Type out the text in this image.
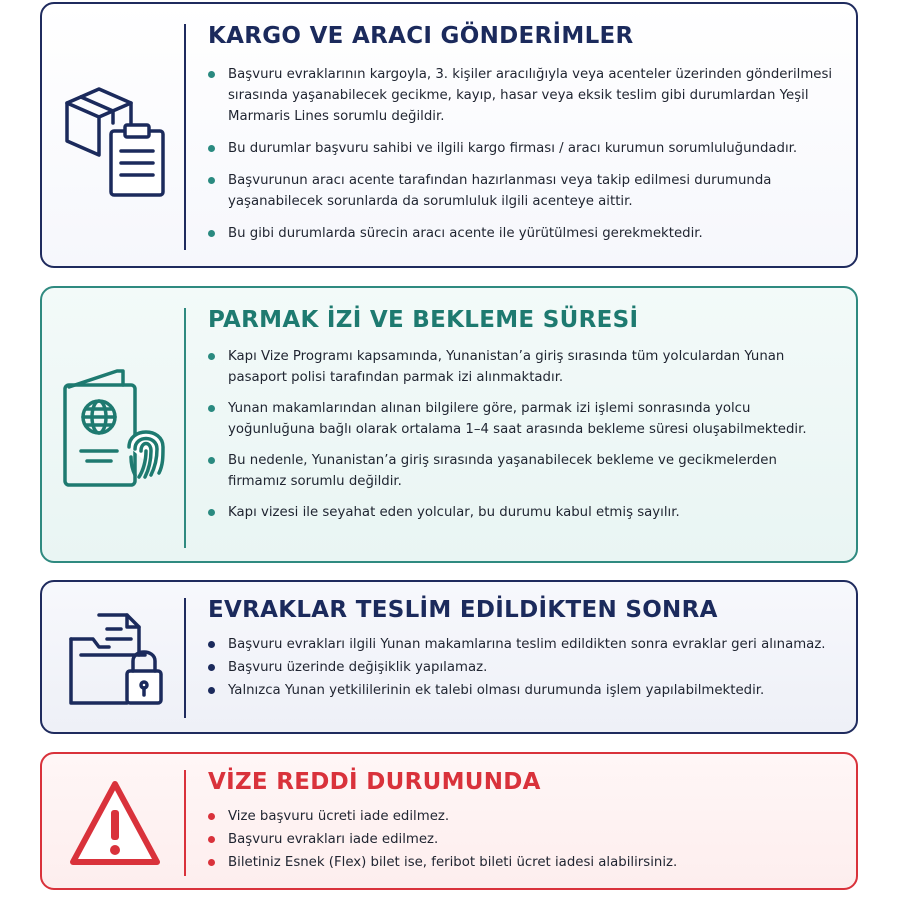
KARGO VE ARACI GÖNDERİMLER
Başvuru evraklarının kargoyla, 3. kişiler aracılığıyla veya acenteler üzerinden gönderilmesi sırasında yaşanabilecek gecikme, kayıp, hasar veya eksik teslim gibi durumlardan Yeşil Marmaris Lines sorumlu değildir.
Bu durumlar başvuru sahibi ve ilgili kargo firması / aracı kurumun sorumluluğundadır.
Başvurunun aracı acente tarafından hazırlanması veya takip edilmesi durumunda yaşanabilecek sorunlarda da sorumluluk ilgili acenteye aittir.
Bu gibi durumlarda sürecin aracı acente ile yürütülmesi gerekmektedir.
PARMAK İZİ VE BEKLEME SÜRESİ
Kapı Vize Programı kapsamında, Yunanistan’a giriş sırasında tüm yolculardan Yunan pasaport polisi tarafından parmak izi alınmaktadır.
Yunan makamlarından alınan bilgilere göre, parmak izi işlemi sonrasında yolcu yoğunluğuna bağlı olarak ortalama 1–4 saat arasında bekleme süresi oluşabilmektedir.
Bu nedenle, Yunanistan’a giriş sırasında yaşanabilecek bekleme ve gecikmelerden firmamız sorumlu değildir.
Kapı vizesi ile seyahat eden yolcular, bu durumu kabul etmiş sayılır.
EVRAKLAR TESLİM EDİLDİKTEN SONRA
Başvuru evrakları ilgili Yunan makamlarına teslim edildikten sonra evraklar geri alınamaz.
Başvuru üzerinde değişiklik yapılamaz.
Yalnızca Yunan yetkililerinin ek talebi olması durumunda işlem yapılabilmektedir.
VİZE REDDİ DURUMUNDA
Vize başvuru ücreti iade edilmez.
Başvuru evrakları iade edilmez.
Biletiniz Esnek (Flex) bilet ise, feribot bileti ücret iadesi alabilirsiniz.
